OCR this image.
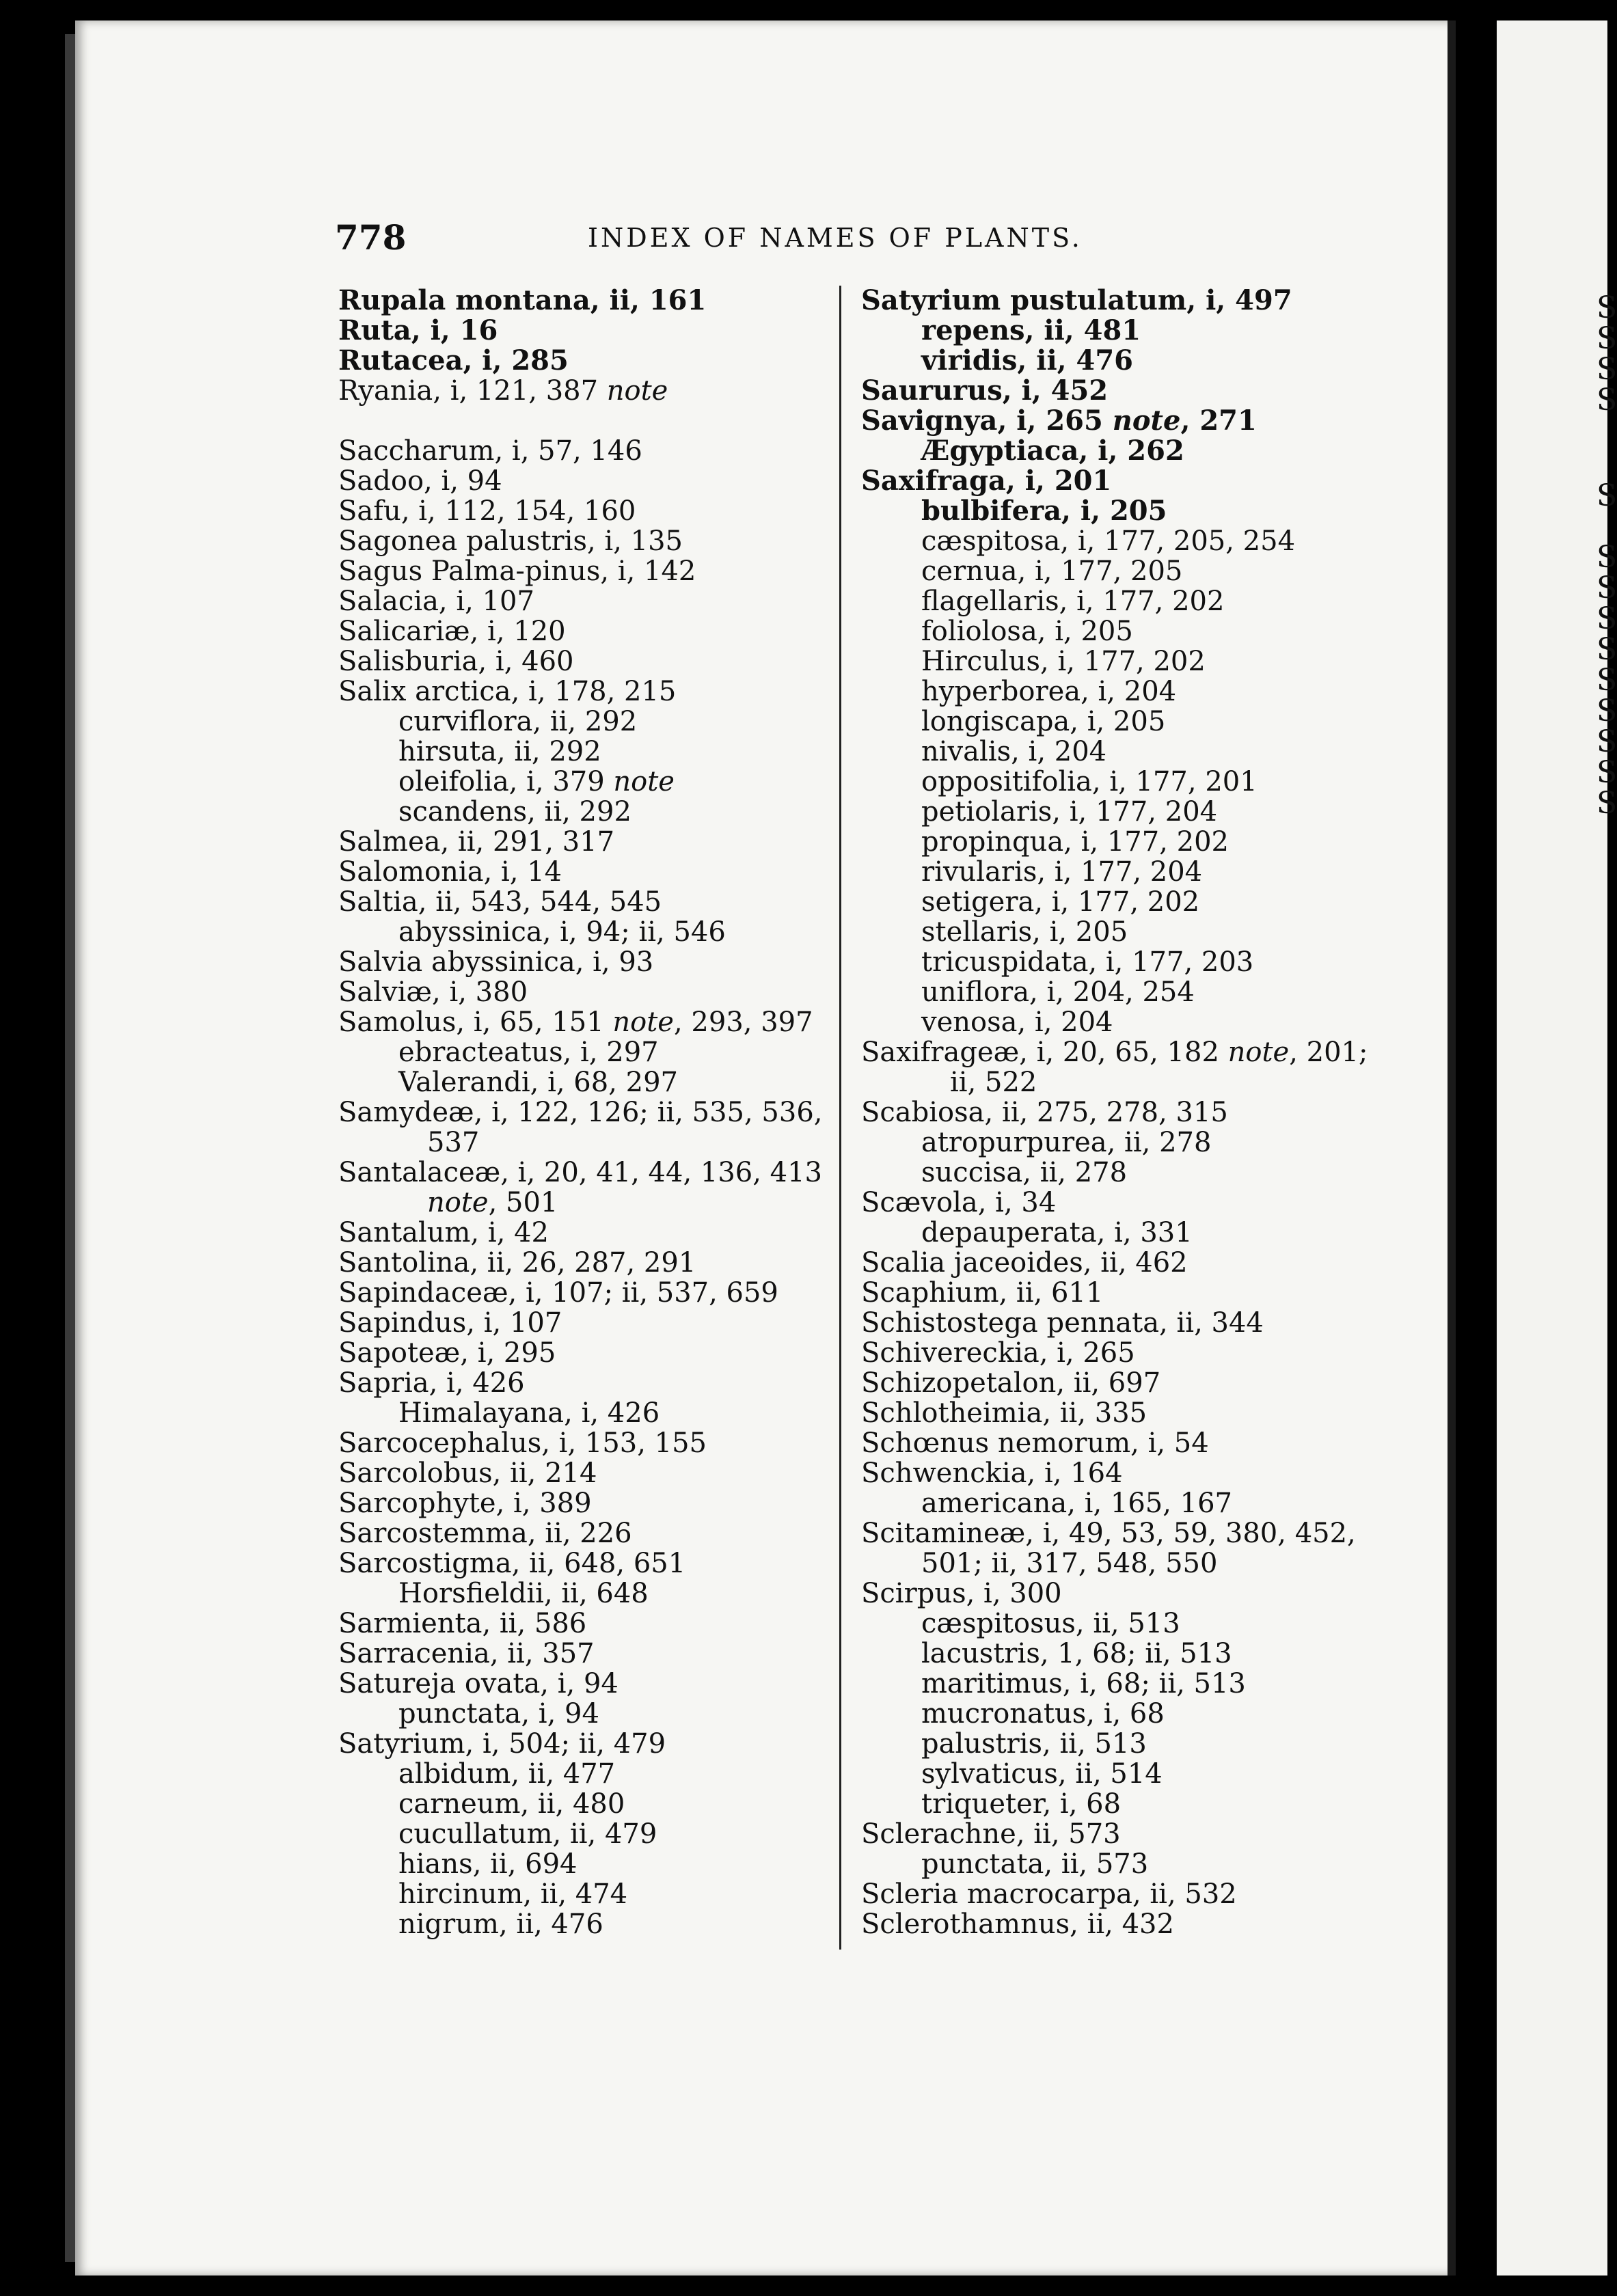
778	INDEX OF NAMES OF PLANTS.
Rupala montana, ii, 161
Ruta, i, 16
Rutacea, i, 285
Ryania, i, 121, 387 note
Saccharum, i, 57, 146
Sadoo, i, 94
Safu, i, 112, 154, 160
Sagonea palustris, i, 135
Sagus Palma-pinus, i, 142
Salacia, i, 107
Salicariæ, i, 120
Salisburia, i, 460
Salix arctica, i, 178, 215
curviflora, ii, 292
hirsuta, ii, 292
oleifolia, i, 379 note
scandens, ii, 292
Salmea, ii, 291, 317
Salomonia, i, 14
Saltia, ii, 543, 544, 545
abyssinica, i, 94; ii, 546
Salvia abyssinica, i, 93
Salviæ, i, 380
Samolus, i, 65, 151 note, 293, 397
ebracteatus, i, 297
Valerandi, i, 68, 297
Samydeæ, i, 122, 126; ii, 535, 536,
537
Santalaceæ, i, 20, 41, 44, 136, 413
note, 501
Santalum, i, 42
Santolina, ii, 26, 287, 291
Sapindaceæ, i, 107; ii, 537, 659
Sapindus, i, 107
Sapoteæ, i, 295
Sapria, i, 426
Himalayana, i, 426
Sarcocephalus, i, 153, 155
Sarcolobus, ii, 214
Sarcophyte, i, 389
Sarcostemma, ii, 226
Sarcostigma, ii, 648, 651
Horsfieldii, ii, 648
Sarmienta, ii, 586
Sarracenia, ii, 357
Satureja ovata, i, 94
punctata, i, 94
Satyrium, i, 504; ii, 479
albidum, ii, 477
carneum, ii, 480
cucullatum, ii, 479
hians, ii, 694
hircinum, ii, 474
nigrum, ii, 476
Satyrium pustulatum, i, 497
repens, ii, 481
viridis, ii, 476
Saururus, i, 452
Savignya, i, 265 note, 271
Ægyptiaca, i, 262
Saxifraga, i, 201
bulbifera, i, 205
cæspitosa, i, 177, 205, 254
cernua, i, 177, 205
flagellaris, i, 177, 202
foliolosa, i, 205
Hirculus, i, 177, 202
hyperborea, i, 204
longiscapa, i, 205
nivalis, i, 204
oppositifolia, i, 177, 201
petiolaris, i, 177, 204
propinqua, i, 177, 202
rivularis, i, 177, 204
setigera, i, 177, 202
stellaris, i, 205
tricuspidata, i, 177, 203
uniflora, i, 204, 254
venosa, i, 204
Saxifrageæ, i, 20, 65, 182 note, 201;
ii, 522
Scabiosa, ii, 275, 278, 315
atropurpurea, ii, 278
succisa, ii, 278
Scævola, i, 34
depauperata, i, 331
Scalia jaceoides, ii, 462
Scaphium, ii, 611
Schistostega pennata, ii, 344
Schivereckia, i, 265
Schizopetalon, ii, 697
Schlotheimia, ii, 335
Schœnus nemorum, i, 54
Schwenckia, i, 164
americana, i, 165, 167
Scitamineæ, i, 49, 53, 59, 380, 452,
501; ii, 317, 548, 550
Scirpus, i, 300
cæspitosus, ii, 513
lacustris, 1, 68; ii, 513
maritimus, i, 68; ii, 513
mucronatus, i, 68
palustris, ii, 513
sylvaticus, ii, 514
triqueter, i, 68
Sclerachne, ii, 573
punctata, ii, 573
Scleria macrocarpa, ii, 532
Sclerothamnus, ii, 432
S
S
S
S
S
S
S
S
S
S
S
S
S
S
